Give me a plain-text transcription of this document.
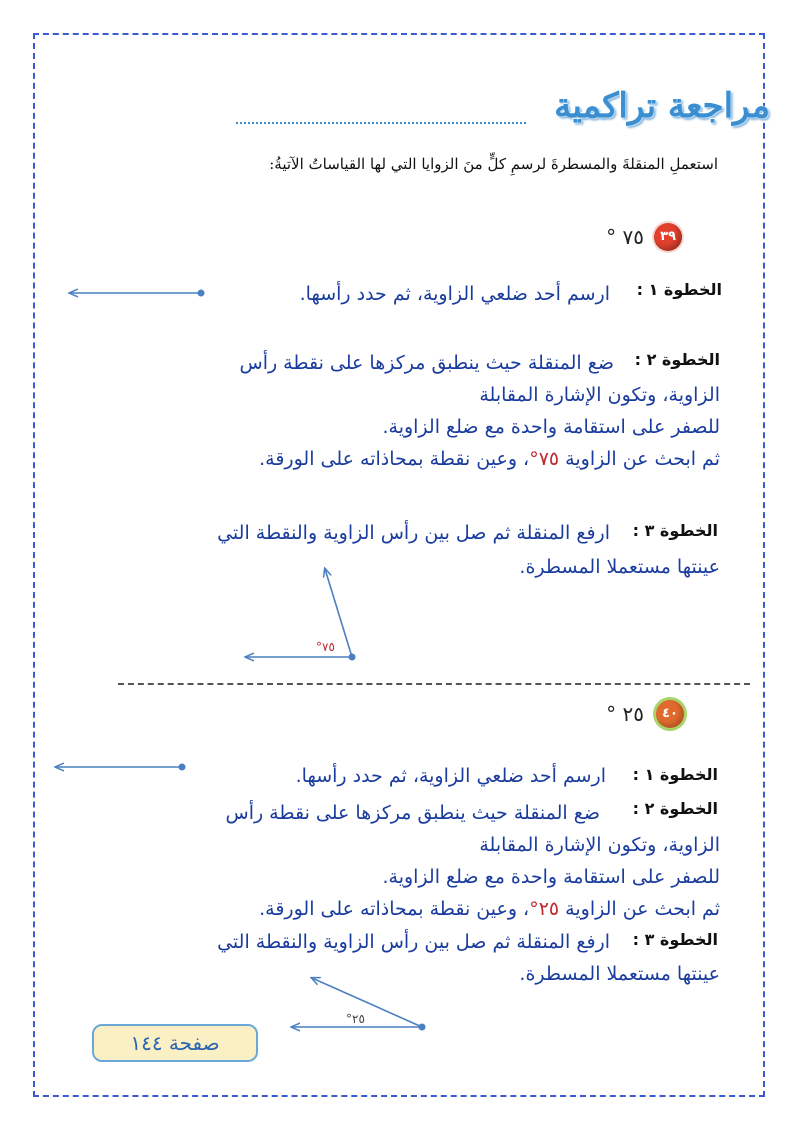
مراجعة تراكمية
استعملِ المنقلةَ والمسطرةَ لرسمِ كلٍّ منَ الزوايا التي لها القياساتُ الآتيةُ:
٣٩
٧٥ °
الخطوة ١ :
ارسم أحد ضلعي الزاوية، ثم حدد رأسها.
الخطوة ٢ :
ضع المنقلة حيث ينطبق مركزها على نقطة رأس
الزاوية، وتكون الإشارة المقابلة
للصفر على استقامة واحدة مع ضلع الزاوية.
ثم ابحث عن الزاوية ٧٥°، وعين نقطة بمحاذاته على الورقة.
الخطوة ٣ :
ارفع المنقلة ثم صل بين رأس الزاوية والنقطة التي
عينتها مستعملا المسطرة.
٧٥°
٤٠
٢٥ °
الخطوة ١ :
ارسم أحد ضلعي الزاوية، ثم حدد رأسها.
الخطوة ٢ :
ضع المنقلة حيث ينطبق مركزها على نقطة رأس
الزاوية، وتكون الإشارة المقابلة
للصفر على استقامة واحدة مع ضلع الزاوية.
ثم ابحث عن الزاوية ٢٥°، وعين نقطة بمحاذاته على الورقة.
الخطوة ٣ :
ارفع المنقلة ثم صل بين رأس الزاوية والنقطة التي
عينتها مستعملا المسطرة.
٢٥°
صفحة ١٤٤
